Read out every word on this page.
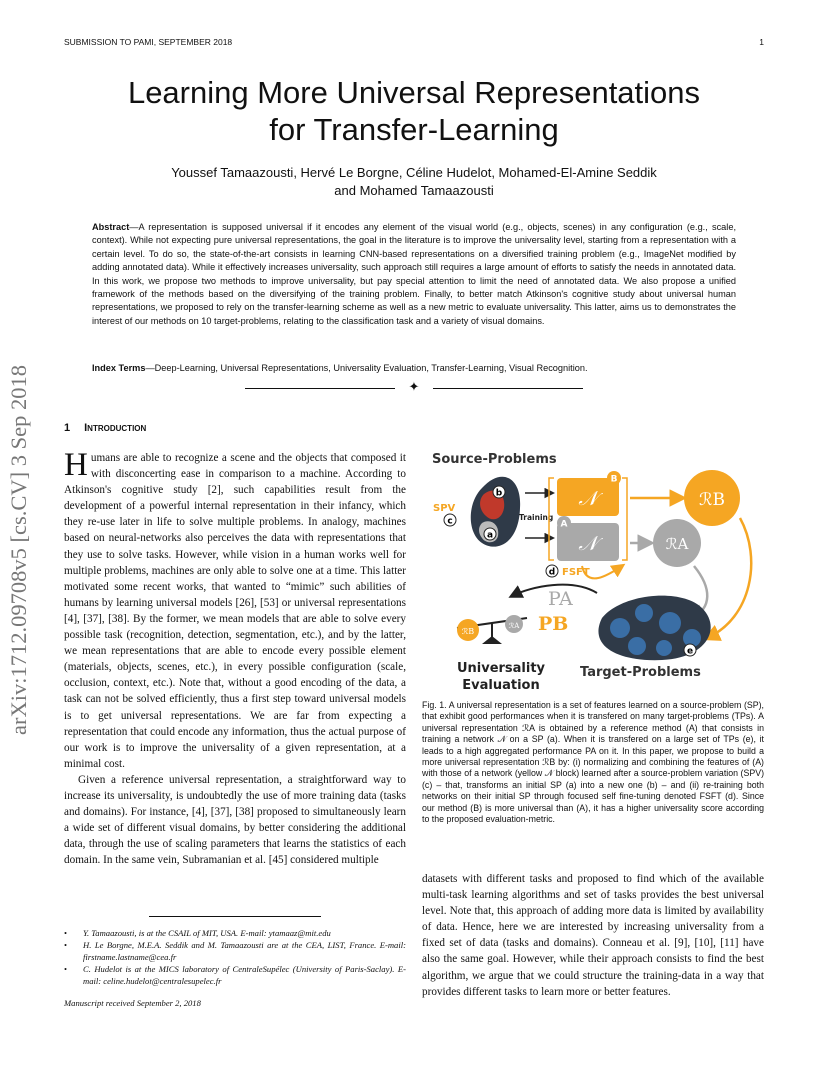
SUBMISSION TO PAMI, SEPTEMBER 2018	1
Learning More Universal Representations
for Transfer-Learning
Youssef Tamaazousti, Hervé Le Borgne, Céline Hudelot, Mohamed-El-Amine Seddik
and Mohamed Tamaazousti
Abstract—A representation is supposed universal if it encodes any element of the visual world (e.g., objects, scenes) in any configuration (e.g., scale, context). While not expecting pure universal representations, the goal in the literature is to improve the universality level, starting from a representation with a certain level. To do so, the state-of-the-art consists in learning CNN-based representations on a diversified training problem (e.g., ImageNet modified by adding annotated data). While it effectively increases universality, such approach still requires a large amount of efforts to satisfy the needs in annotated data. In this work, we propose two methods to improve universality, but pay special attention to limit the need of annotated data. We also propose a unified framework of the methods based on the diversifying of the training problem. Finally, to better match Atkinson's cognitive study about universal human representations, we proposed to rely on the transfer-learning scheme as well as a new metric to evaluate universality. This latter, aims us to demonstrates the interest of our methods on 10 target-problems, relating to the classification task and a variety of visual domains.
Index Terms—Deep-Learning, Universal Representations, Universality Evaluation, Transfer-Learning, Visual Recognition.
✦
arXiv:1712.09708v5 [cs.CV] 3 Sep 2018	1 Introduction

Humans are able to recognize a scene and the objects that composed it with disconcerting ease in comparison to a machine. According to Atkinson's cognitive study [2], such capabilities result from the development of a powerful internal representation in their infancy, which they re-use later in life to solve multiple problems. In analogy, machines based on neural-networks also perceives the data with representations that they use to solve tasks. However, while vision in a human works well for multiple problems, machines are only able to solve one at a time. This latter motivated some recent works, that wanted to “mimic” such abilities of humans by learning universal models [26], [53] or universal representations [4], [37], [38]. By the former, we mean models that are able to solve every possible task (recognition, detection, segmentation, etc.), and by the latter, we mean representations that are able to encode every possible element (materials, objects, scenes, etc.), in every possible configuration (scale, occlusion, context, etc.). Note that, without a good encoding of the data, a task can not be solved efficiently, thus a first step toward universal models is to get universal representations. We are far from expecting a representation that could encode any information, thus the actual purpose of our work is to improve the universality of a given representation, at a minimal cost.

Given a reference universal representation, a straightforward way to increase its universality, is undoubtedly the use of more training data (tasks and domains). For instance, [4], [37], [38] proposed to simultaneously learn a wide set of different visual domains, by better considering the additional data, through the use of scaling parameters that learns the statistics of each domain. In the same vein, Subramanian et al. [45] considered multiple

• Y. Tamaazousti, is at the CSAIL of MIT, USA. E-mail: ytamaaz@mit.edu
• H. Le Borgne, M.E.A. Seddik and M. Tamaazousti are at the CEA, LIST, France. E-mail: firstname.lastname@cea.fr
• C. Hudelot is at the MICS laboratory of CentraleSupélec (University of Paris-Saclay). E-mail: celine.hudelot@centralesupelec.fr
Manuscript received September 2, 2018
Source-Problems
b
a
SPV
c	Training
𝒩
𝒩
B
A
ℛB
ℛA
d FSFT
e
Target-Problems
PA
PB
ℛB
ℛA
Universality
Evaluation
Fig. 1. A universal representation is a set of features learned on a source-problem (SP), that exhibit good performances when it is transfered on many target-problems (TPs). A universal representation ℛA is obtained by a reference method (A) that consists in training a network 𝒩 on a SP (a). When it is transfered on a large set of TPs (e), it leads to a high aggregated performance PA on it. In this paper, we propose to build a more universal representation ℛB by: (i) normalizing and combining the features of (A) with those of a network (yellow 𝒩 block) learned after a source-problem variation (SPV) (c) – that, transforms an initial SP (a) into a new one (b) – and (ii) re-training both networks on their initial SP through focused self fine-tuning denoted FSFT (d). Since our method (B) is more universal than (A), it has a higher universality score according to the proposed evaluation-metric.

datasets with different tasks and proposed to find which of the available multi-task learning algorithms and set of tasks provides the best universal level. Note that, this approach of adding more data is limited by availability of data. Hence, here we are interested by increasing universality from a fixed set of data (tasks and domains). Conneau et al. [9], [10], [11] have also the same goal. However, while their approach consists to find the best algorithm, we argue that we could structure the training-data in a way that provides different tasks to learn more or better features.
